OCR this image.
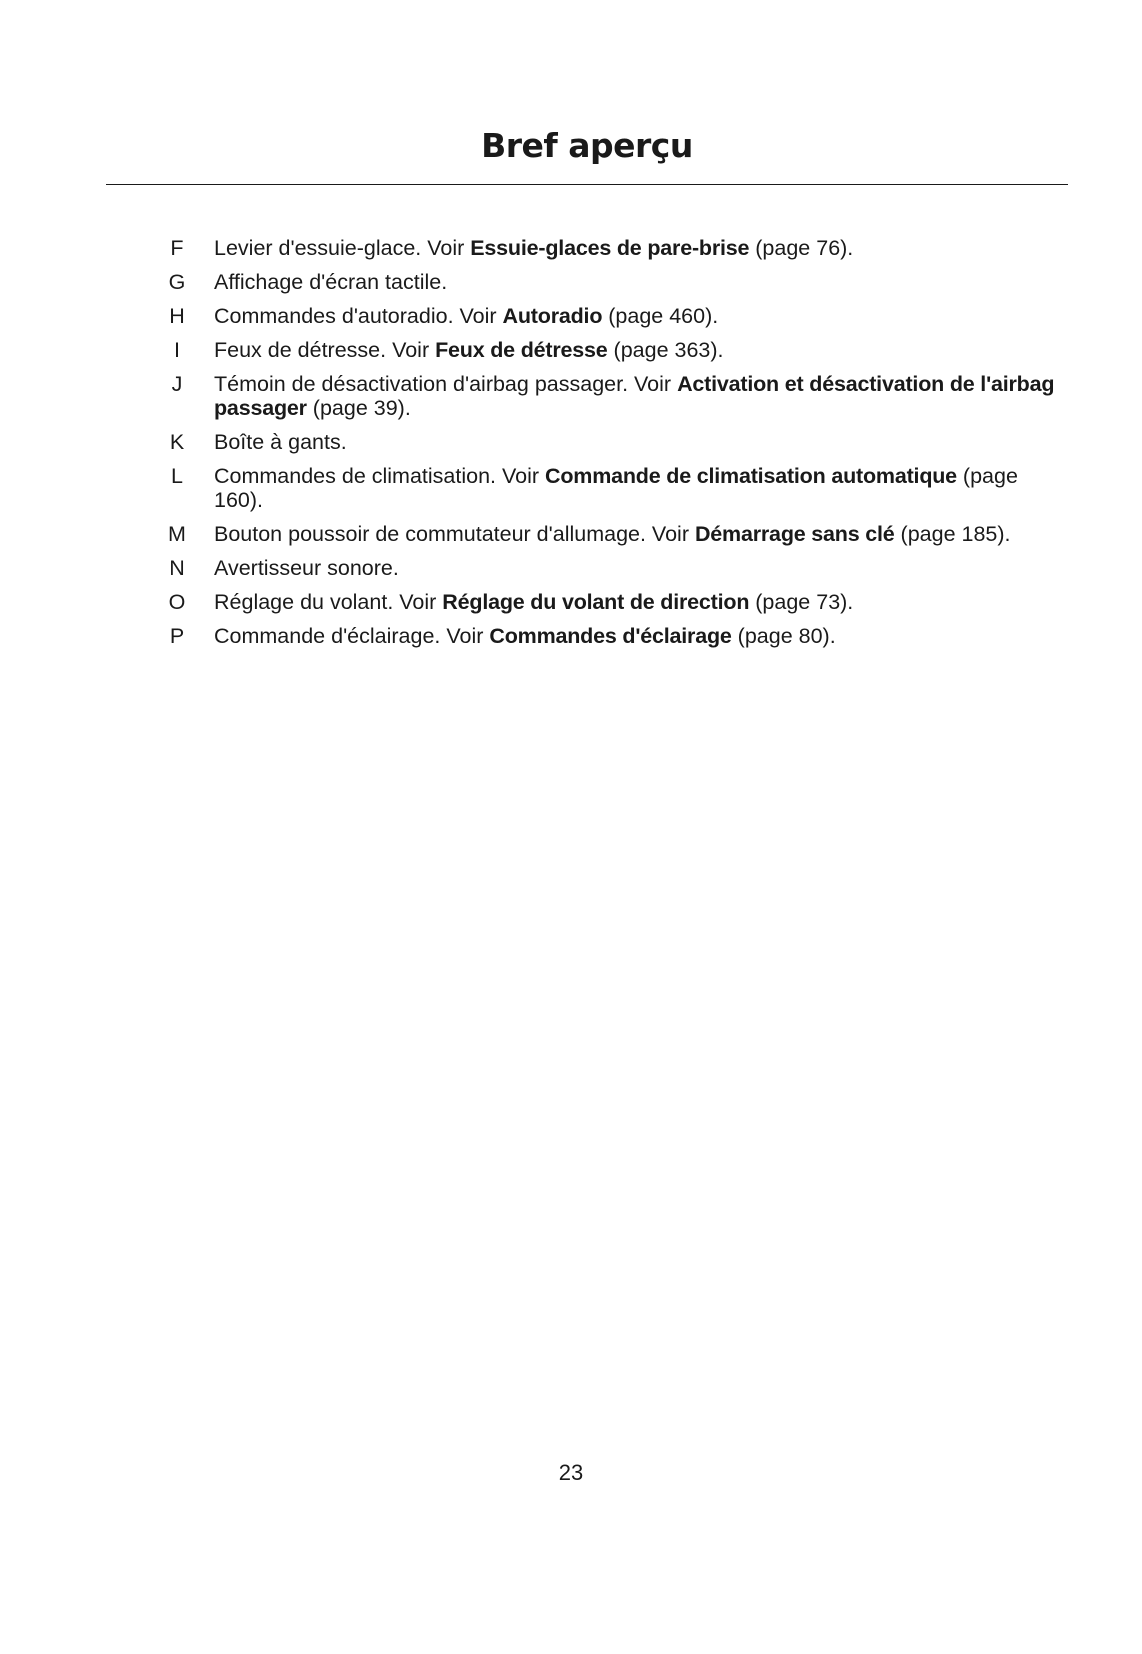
Bref aperçu
F	Levier d'essuie-glace. Voir Essuie-glaces de pare-brise (page 76).
G	Affichage d'écran tactile.
H	Commandes d'autoradio. Voir Autoradio (page 460).
I	Feux de détresse. Voir Feux de détresse (page 363).
J	Témoin de désactivation d'airbag passager. Voir Activation et désactivation de l'airbag passager (page 39).
K	Boîte à gants.
L	Commandes de climatisation. Voir Commande de climatisation automatique (page 160).
M	Bouton poussoir de commutateur d'allumage. Voir Démarrage sans clé (page 185).
N	Avertisseur sonore.
O	Réglage du volant. Voir Réglage du volant de direction (page 73).
P	Commande d'éclairage. Voir Commandes d'éclairage (page 80).
23
